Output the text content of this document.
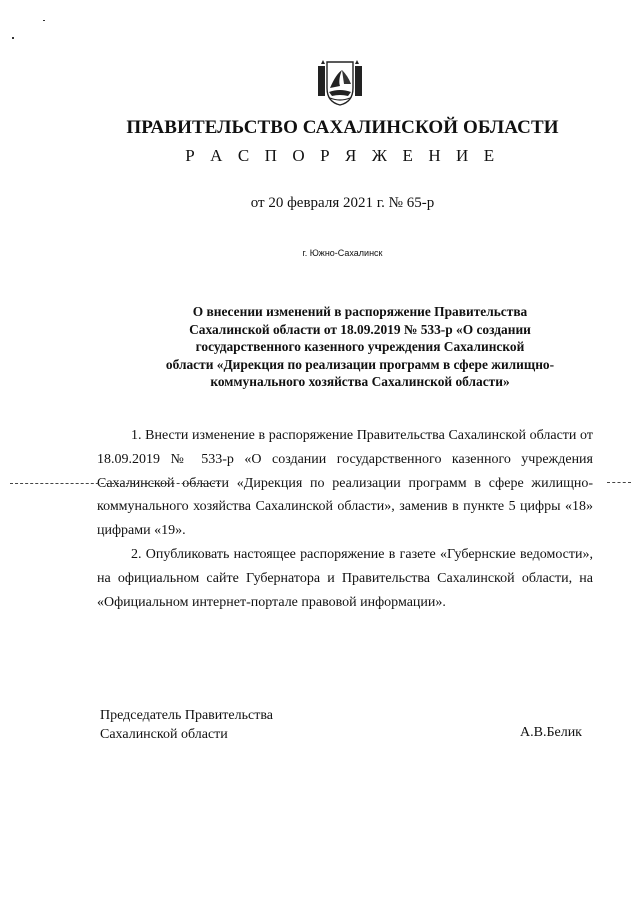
ПРАВИТЕЛЬСТВО САХАЛИНСКОЙ ОБЛАСТИ
Р А С П О Р Я Ж Е Н И Е
от 20 февраля 2021 г. № 65-р
г. Южно-Сахалинск
О внесении изменений в распоряжение Правительства
Сахалинской области от 18.09.2019 № 533-р «О создании
государственного казенного учреждения Сахалинской
области «Дирекция по реализации программ в сфере жилищно-
коммунального хозяйства Сахалинской области»

1. Внести изменение в распоряжение Правительства Сахалинской области от 18.09.2019 № 533-р «О создании государственного казенного учреждения Сахалинской области «Дирекция по реализации программ в сфере жилищно-коммунального хозяйства Сахалинской области», заменив в пункте 5 цифры «18» цифрами «19».

2. Опубликовать настоящее распоряжение в газете «Губернские ведомости», на официальном сайте Губернатора и Правительства Сахалинской области, на «Официальном интернет-портале правовой информации».

Председатель Правительства
Сахалинской области	А.В.Белик
